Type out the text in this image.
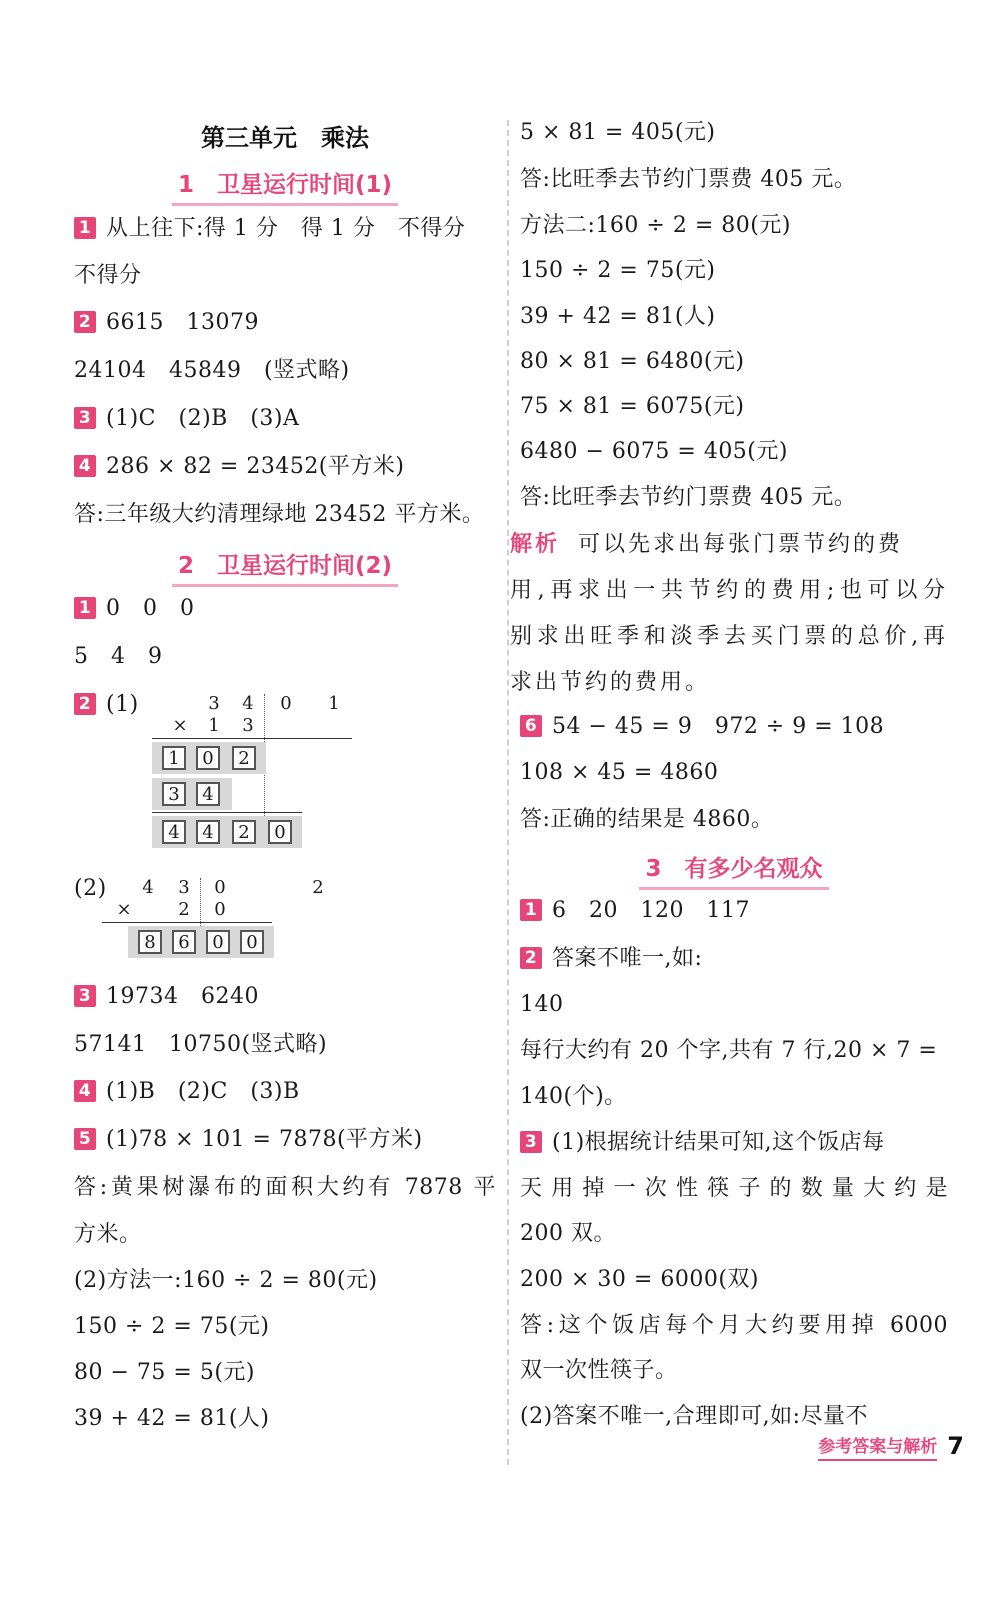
第三单元　乘法
1　卫星运行时间(1)
1 从上往下:得 1 分　得 1 分　不得分
不得分
2 6615　13079
24104　45849　(竖式略)
3 (1)C　(2)B　(3)A
4 286 × 82 = 23452(平方米)
答:三年级大约清理绿地 23452 平方米。
2　卫星运行时间(2)
1 0　0　0
5　4　9
2 (1)	3	4	0	1
×	1	3
1	0	2
3	4
4	4	2	0
(2)	4	3	0	2
×	2	0
8	6	0	0
3 19734　6240
57141　10750(竖式略)
4 (1)B　(2)C　(3)B
5 (1)78 × 101 = 7878(平方米)
答:黄果树瀑布的面积大约有 7878 平
方米。
(2)方法一:160 ÷ 2 = 80(元)
150 ÷ 2 = 75(元)
80 − 75 = 5(元)
39 + 42 = 81(人)
5 × 81 = 405(元)
答:比旺季去节约门票费 405 元。
方法二:160 ÷ 2 = 80(元)
150 ÷ 2 = 75(元)
39 + 42 = 81(人)
80 × 81 = 6480(元)
75 × 81 = 6075(元)
6480 − 6075 = 405(元)
答:比旺季去节约门票费 405 元。
解析 可以先求出每张门票节约的费
用,再求出一共节约的费用;也可以分
别求出旺季和淡季去买门票的总价,再
求出节约的费用。
6 54 − 45 = 9　972 ÷ 9 = 108
108 × 45 = 4860
答:正确的结果是 4860。
3　有多少名观众
1 6　20　120　117
2 答案不唯一,如:
140
每行大约有 20 个字,共有 7 行,20 × 7 =
140(个)。
3 (1)根据统计结果可知,这个饭店每
天用掉一次性筷子的数量大约是
200 双。
200 × 30 = 6000(双)
答:这个饭店每个月大约要用掉 6000
双一次性筷子。
(2)答案不唯一,合理即可,如:尽量不
参考答案与解析 7
